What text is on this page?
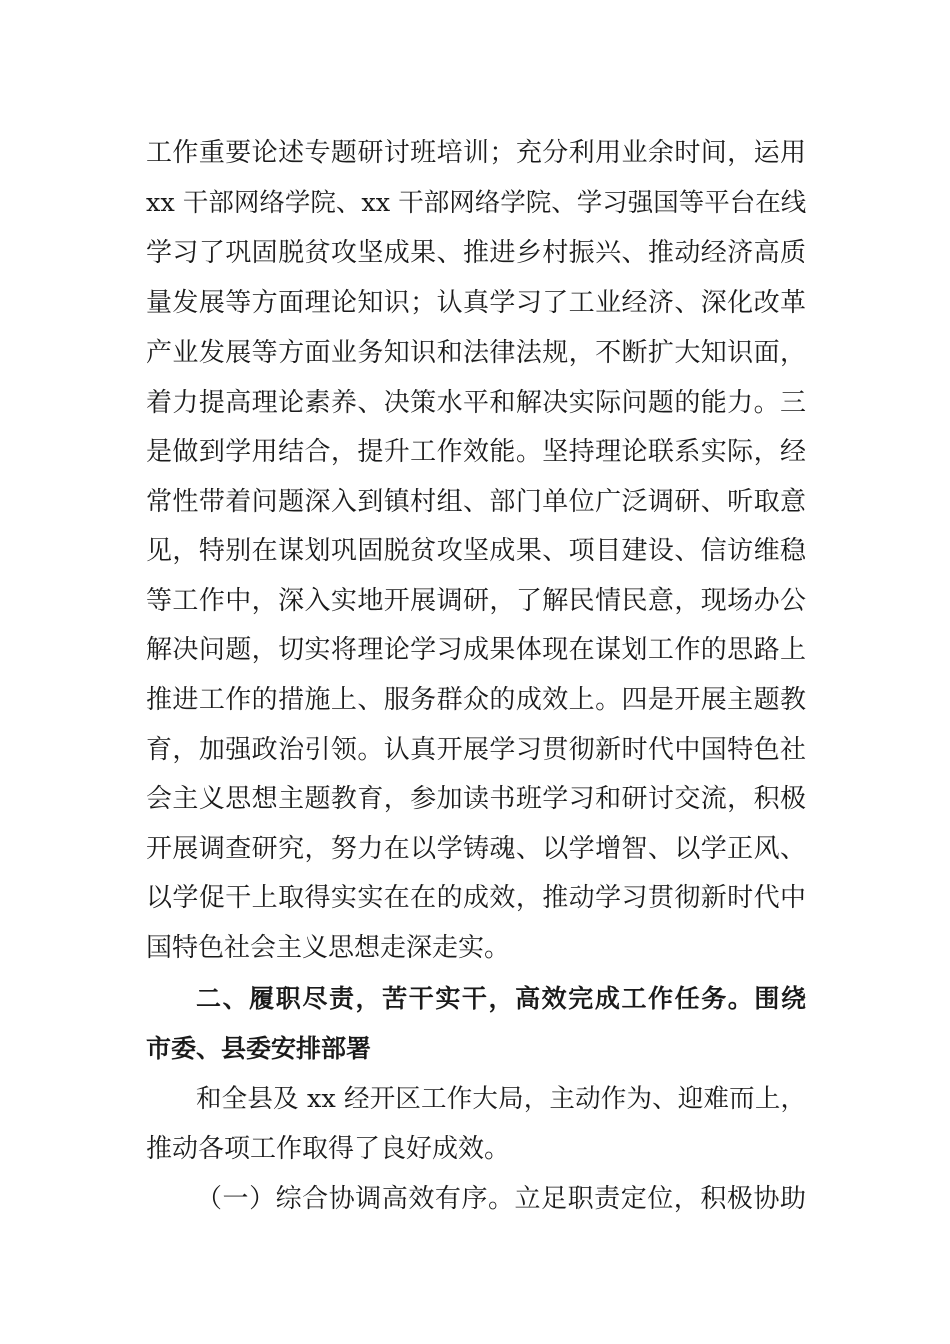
工作重要论述专题研讨班培训；充分利用业余时间，运用
xx 干部网络学院、xx 干部网络学院、学习强国等平台在线
学习了巩固脱贫攻坚成果、推进乡村振兴、推动经济高质
量发展等方面理论知识；认真学习了工业经济、深化改革
产业发展等方面业务知识和法律法规，不断扩大知识面，
着力提高理论素养、决策水平和解决实际问题的能力。三
是做到学用结合，提升工作效能。坚持理论联系实际，经
常性带着问题深入到镇村组、部门单位广泛调研、听取意
见，特别在谋划巩固脱贫攻坚成果、项目建设、信访维稳
等工作中，深入实地开展调研，了解民情民意，现场办公
解决问题，切实将理论学习成果体现在谋划工作的思路上
推进工作的措施上、服务群众的成效上。四是开展主题教
育，加强政治引领。认真开展学习贯彻新时代中国特色社
会主义思想主题教育，参加读书班学习和研讨交流，积极
开展调查研究，努力在以学铸魂、以学增智、以学正风、
以学促干上取得实实在在的成效，推动学习贯彻新时代中
国特色社会主义思想走深走实。
二、履职尽责，苦干实干，高效完成工作任务。围绕
市委、县委安排部署
和全县及 xx 经开区工作大局，主动作为、迎难而上，
推动各项工作取得了良好成效。
（一）综合协调高效有序。立足职责定位，积极协助
